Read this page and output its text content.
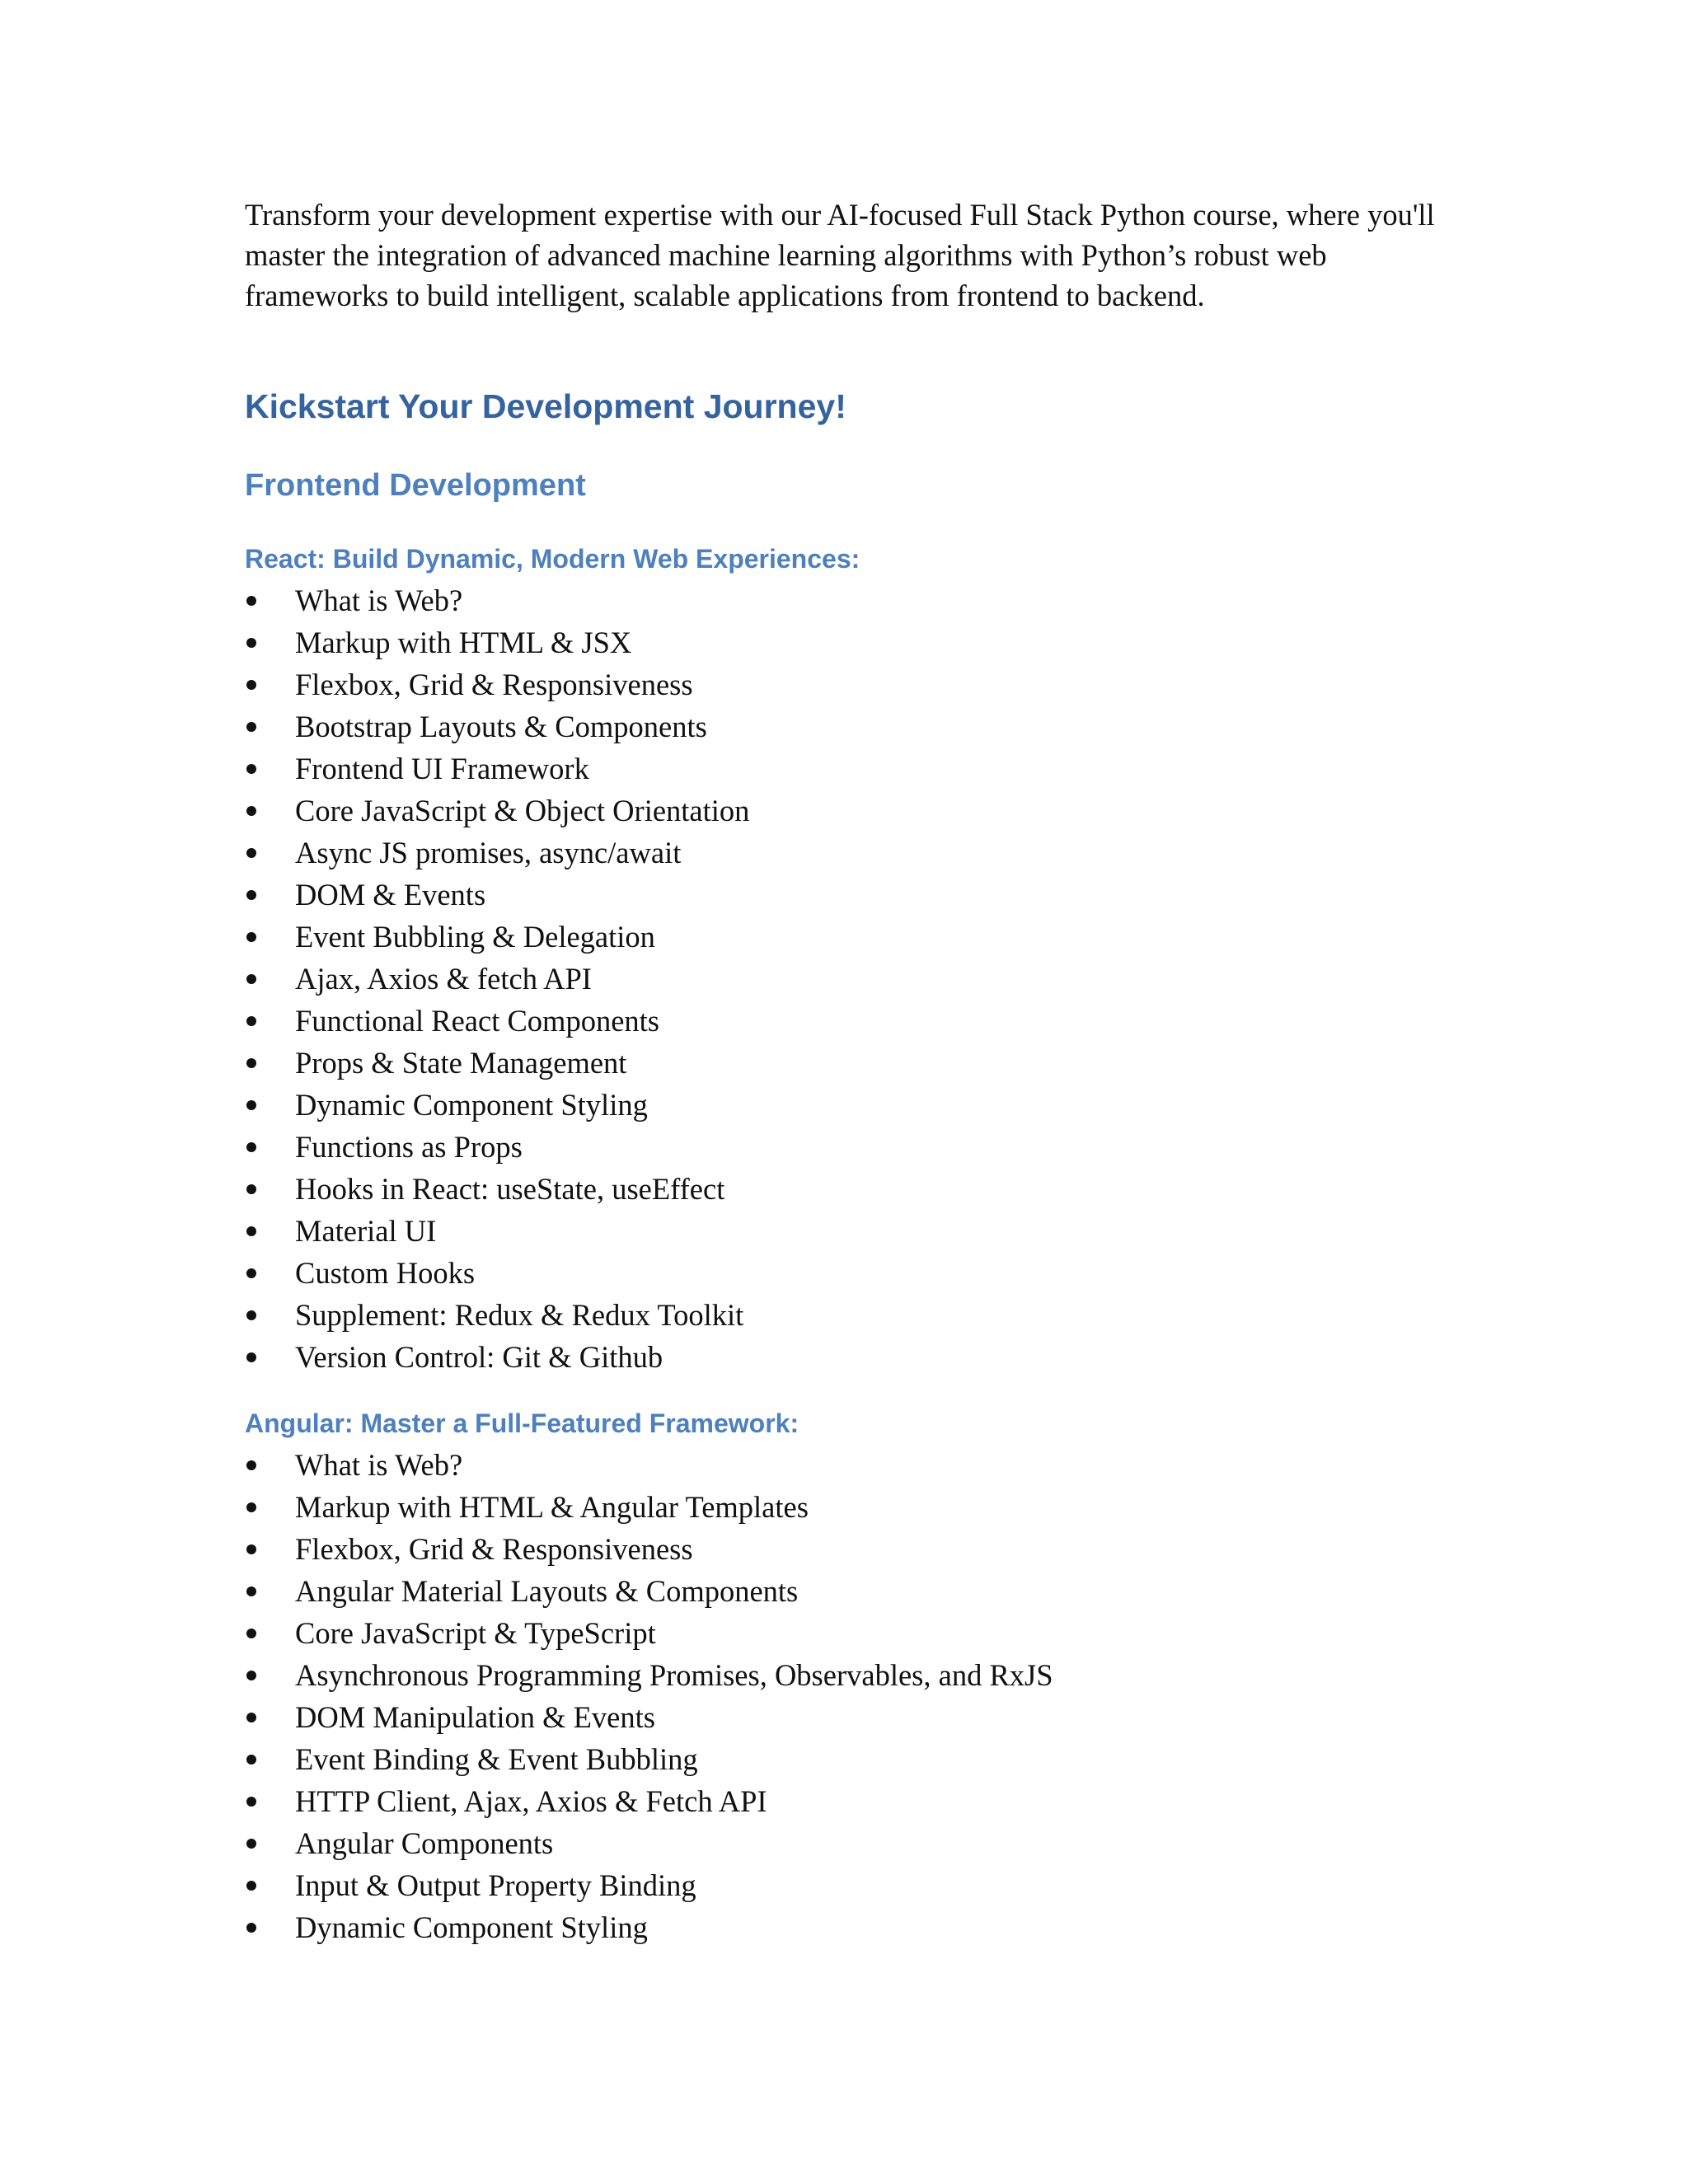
Transform your development expertise with our AI-focused Full Stack Python course, where you'll master the integration of advanced machine learning algorithms with Python’s robust web frameworks to build intelligent, scalable applications from frontend to backend.

Kickstart Your Development Journey!
Frontend Development
React: Build Dynamic, Modern Web Experiences:
What is Web?
Markup with HTML & JSX
Flexbox, Grid & Responsiveness
Bootstrap Layouts & Components
Frontend UI Framework
Core JavaScript & Object Orientation
Async JS promises, async/await
DOM & Events
Event Bubbling & Delegation
Ajax, Axios & fetch API
Functional React Components
Props & State Management
Dynamic Component Styling
Functions as Props
Hooks in React: useState, useEffect
Material UI
Custom Hooks
Supplement: Redux & Redux Toolkit
Version Control: Git & Github
Angular: Master a Full-Featured Framework:
What is Web?
Markup with HTML & Angular Templates
Flexbox, Grid & Responsiveness
Angular Material Layouts & Components
Core JavaScript & TypeScript
Asynchronous Programming Promises, Observables, and RxJS
DOM Manipulation & Events
Event Binding & Event Bubbling
HTTP Client, Ajax, Axios & Fetch API
Angular Components
Input & Output Property Binding
Dynamic Component Styling
